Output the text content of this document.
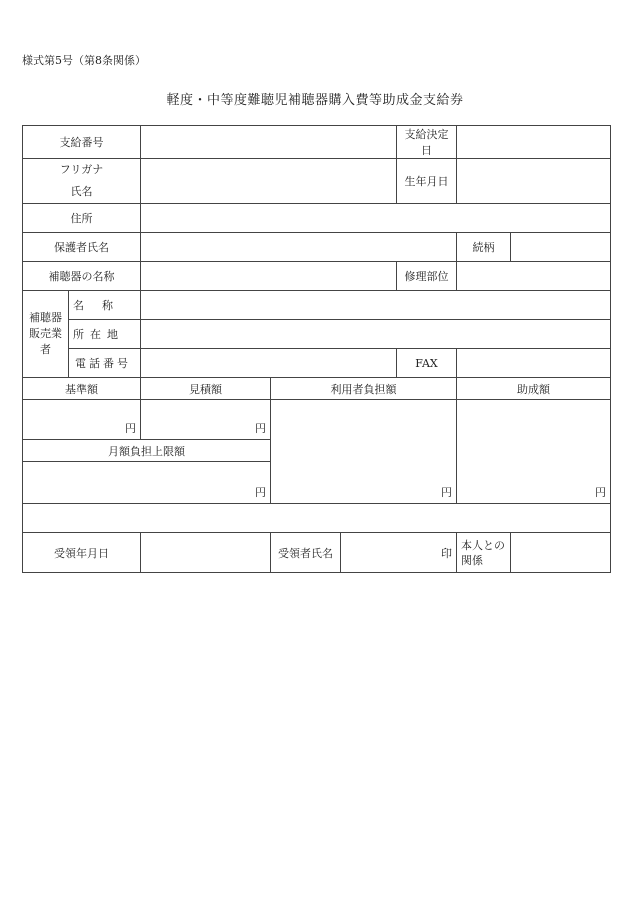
様式第5号（第8条関係）
軽度・中等度難聴児補聴器購入費等助成金支給券
支給番号					支給決定日		

フリガナ
氏名					生年月日		
住所							
保護者氏名						続柄	
補聴器の名称					修理部位		
補聴器販売業者	名称						
	所在地						
	電話番号				FAX		
基準額		見積額	利用者負担額			助成額	
円		円	円			円	
月額負担上限額							
円							

受領年月日			受領者氏名	印		本人との関係	
